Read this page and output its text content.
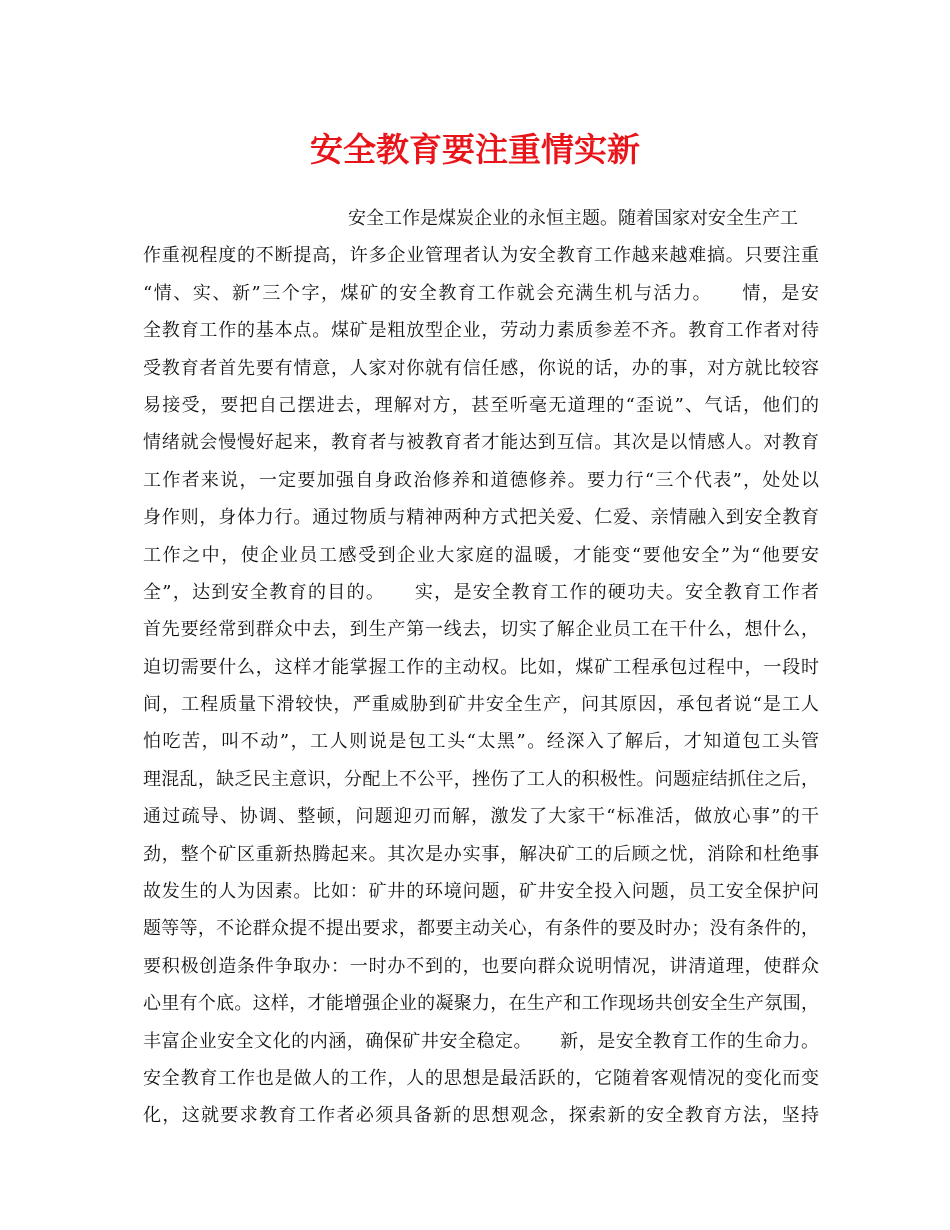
安全教育要注重情实新
安全工作是煤炭企业的永恒主题。随着国家对安全生产工
作重视程度的不断提高，许多企业管理者认为安全教育工作越来越难搞。只要注重
“情、实、新”三个字，煤矿的安全教育工作就会充满生机与活力。　　情，是安
全教育工作的基本点。煤矿是粗放型企业，劳动力素质参差不齐。教育工作者对待
受教育者首先要有情意，人家对你就有信任感，你说的话，办的事，对方就比较容
易接受，要把自己摆进去，理解对方，甚至听毫无道理的“歪说”、气话，他们的
情绪就会慢慢好起来，教育者与被教育者才能达到互信。其次是以情感人。对教育
工作者来说，一定要加强自身政治修养和道德修养。要力行“三个代表”，处处以
身作则，身体力行。通过物质与精神两种方式把关爱、仁爱、亲情融入到安全教育
工作之中，使企业员工感受到企业大家庭的温暖，才能变“要他安全”为“他要安
全”，达到安全教育的目的。　　实，是安全教育工作的硬功夫。安全教育工作者
首先要经常到群众中去，到生产第一线去，切实了解企业员工在干什么，想什么，
迫切需要什么，这样才能掌握工作的主动权。比如，煤矿工程承包过程中，一段时
间，工程质量下滑较快，严重威胁到矿井安全生产，问其原因，承包者说“是工人
怕吃苦，叫不动”，工人则说是包工头“太黑”。经深入了解后，才知道包工头管
理混乱，缺乏民主意识，分配上不公平，挫伤了工人的积极性。问题症结抓住之后，
通过疏导、协调、整顿，问题迎刃而解，激发了大家干“标准活，做放心事”的干
劲，整个矿区重新热腾起来。其次是办实事，解决矿工的后顾之忧，消除和杜绝事
故发生的人为因素。比如：矿井的环境问题，矿井安全投入问题，员工安全保护问
题等等，不论群众提不提出要求，都要主动关心，有条件的要及时办；没有条件的，
要积极创造条件争取办：一时办不到的，也要向群众说明情况，讲清道理，使群众
心里有个底。这样，才能增强企业的凝聚力，在生产和工作现场共创安全生产氛围，
丰富企业安全文化的内涵，确保矿井安全稳定。　　新，是安全教育工作的生命力。
安全教育工作也是做人的工作，人的思想是最活跃的，它随着客观情况的变化而变
化，这就要求教育工作者必须具备新的思想观念，探索新的安全教育方法，坚持
